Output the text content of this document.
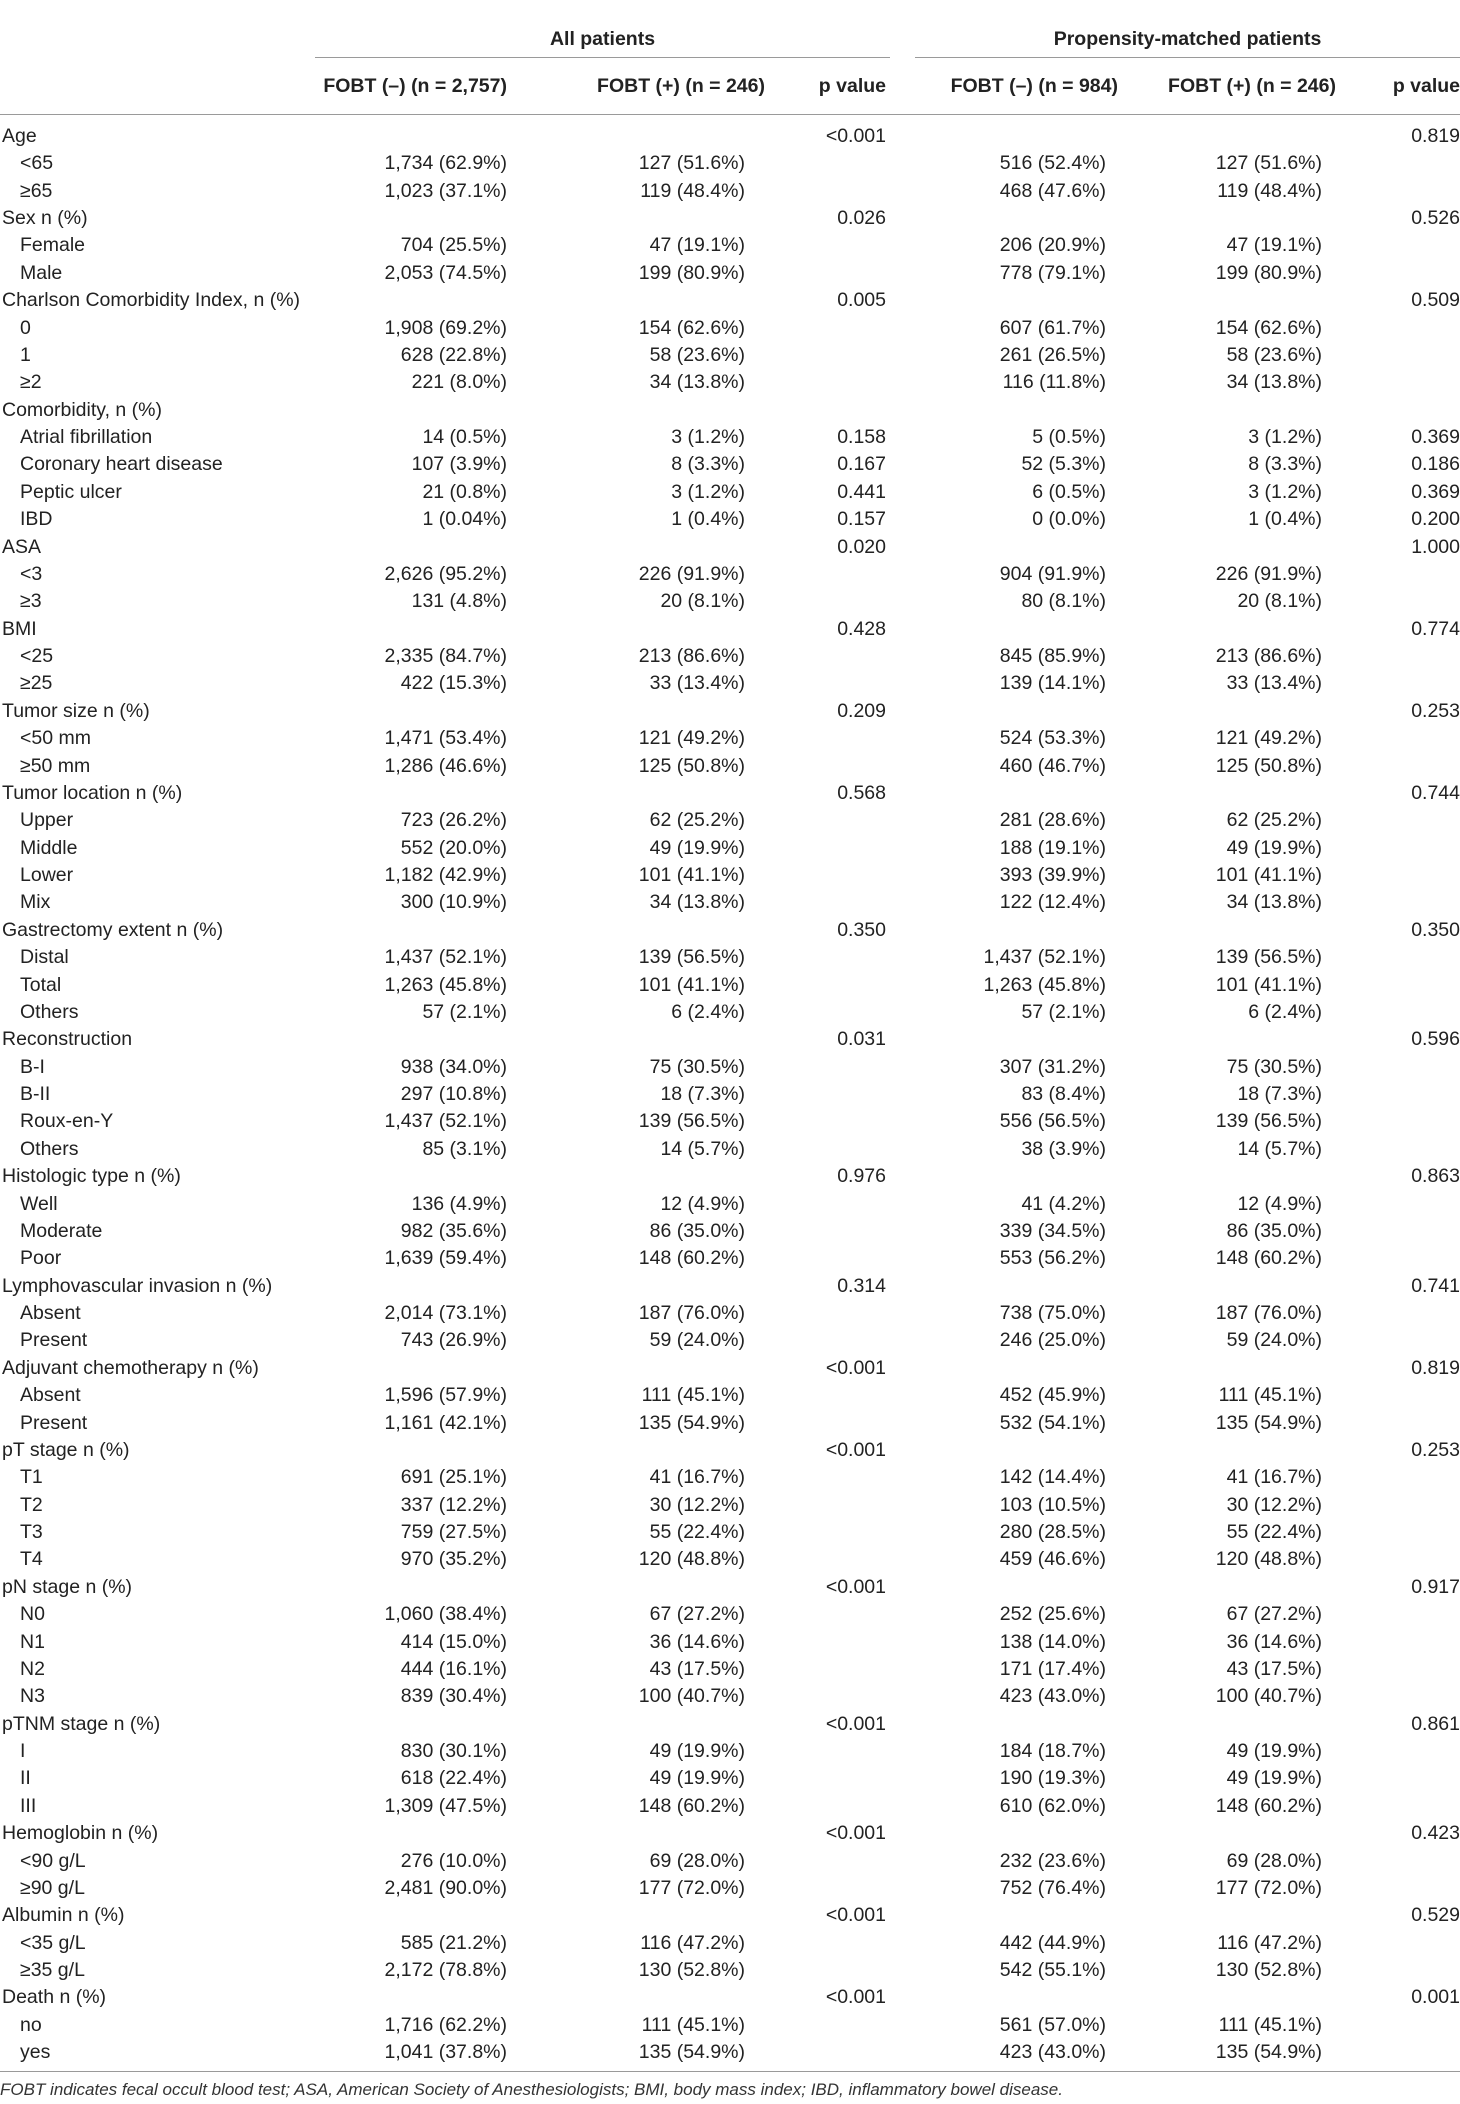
	All patients				Propensity-matched patients		
	FOBT (–) (n = 2,757)	FOBT (+) (n = 246)	p value		FOBT (–) (n = 984)	FOBT (+) (n = 246)	p value
Age			<0.001				0.819
<65	1,734 (62.9%)	127 (51.6%)			516 (52.4%)	127 (51.6%)	
≥65	1,023 (37.1%)	119 (48.4%)			468 (47.6%)	119 (48.4%)	
Sex n (%)			0.026				0.526
Female	704 (25.5%)	47 (19.1%)			206 (20.9%)	47 (19.1%)	
Male	2,053 (74.5%)	199 (80.9%)			778 (79.1%)	199 (80.9%)	
Charlson Comorbidity Index, n (%)			0.005				0.509
0	1,908 (69.2%)	154 (62.6%)			607 (61.7%)	154 (62.6%)	
1	628 (22.8%)	58 (23.6%)			261 (26.5%)	58 (23.6%)	
≥2	221 (8.0%)	34 (13.8%)			116 (11.8%)	34 (13.8%)	
Comorbidity, n (%)							
Atrial fibrillation	14 (0.5%)	3 (1.2%)	0.158		5 (0.5%)	3 (1.2%)	0.369
Coronary heart disease	107 (3.9%)	8 (3.3%)	0.167		52 (5.3%)	8 (3.3%)	0.186
Peptic ulcer	21 (0.8%)	3 (1.2%)	0.441		6 (0.5%)	3 (1.2%)	0.369
IBD	1 (0.04%)	1 (0.4%)	0.157		0 (0.0%)	1 (0.4%)	0.200
ASA			0.020				1.000
<3	2,626 (95.2%)	226 (91.9%)			904 (91.9%)	226 (91.9%)	
≥3	131 (4.8%)	20 (8.1%)			80 (8.1%)	20 (8.1%)	
BMI			0.428				0.774
<25	2,335 (84.7%)	213 (86.6%)			845 (85.9%)	213 (86.6%)	
≥25	422 (15.3%)	33 (13.4%)			139 (14.1%)	33 (13.4%)	
Tumor size n (%)			0.209				0.253
<50 mm	1,471 (53.4%)	121 (49.2%)			524 (53.3%)	121 (49.2%)	
≥50 mm	1,286 (46.6%)	125 (50.8%)			460 (46.7%)	125 (50.8%)	
Tumor location n (%)			0.568				0.744
Upper	723 (26.2%)	62 (25.2%)			281 (28.6%)	62 (25.2%)	
Middle	552 (20.0%)	49 (19.9%)			188 (19.1%)	49 (19.9%)	
Lower	1,182 (42.9%)	101 (41.1%)			393 (39.9%)	101 (41.1%)	
Mix	300 (10.9%)	34 (13.8%)			122 (12.4%)	34 (13.8%)	
Gastrectomy extent n (%)			0.350				0.350
Distal	1,437 (52.1%)	139 (56.5%)			1,437 (52.1%)	139 (56.5%)	
Total	1,263 (45.8%)	101 (41.1%)			1,263 (45.8%)	101 (41.1%)	
Others	57 (2.1%)	6 (2.4%)			57 (2.1%)	6 (2.4%)	
Reconstruction			0.031				0.596
B-I	938 (34.0%)	75 (30.5%)			307 (31.2%)	75 (30.5%)	
B-II	297 (10.8%)	18 (7.3%)			83 (8.4%)	18 (7.3%)	
Roux-en-Y	1,437 (52.1%)	139 (56.5%)			556 (56.5%)	139 (56.5%)	
Others	85 (3.1%)	14 (5.7%)			38 (3.9%)	14 (5.7%)	
Histologic type n (%)			0.976				0.863
Well	136 (4.9%)	12 (4.9%)			41 (4.2%)	12 (4.9%)	
Moderate	982 (35.6%)	86 (35.0%)			339 (34.5%)	86 (35.0%)	
Poor	1,639 (59.4%)	148 (60.2%)			553 (56.2%)	148 (60.2%)	
Lymphovascular invasion n (%)			0.314				0.741
Absent	2,014 (73.1%)	187 (76.0%)			738 (75.0%)	187 (76.0%)	
Present	743 (26.9%)	59 (24.0%)			246 (25.0%)	59 (24.0%)	
Adjuvant chemotherapy n (%)			<0.001				0.819
Absent	1,596 (57.9%)	111 (45.1%)			452 (45.9%)	111 (45.1%)	
Present	1,161 (42.1%)	135 (54.9%)			532 (54.1%)	135 (54.9%)	
pT stage n (%)			<0.001				0.253
T1	691 (25.1%)	41 (16.7%)			142 (14.4%)	41 (16.7%)	
T2	337 (12.2%)	30 (12.2%)			103 (10.5%)	30 (12.2%)	
T3	759 (27.5%)	55 (22.4%)			280 (28.5%)	55 (22.4%)	
T4	970 (35.2%)	120 (48.8%)			459 (46.6%)	120 (48.8%)	
pN stage n (%)			<0.001				0.917
N0	1,060 (38.4%)	67 (27.2%)			252 (25.6%)	67 (27.2%)	
N1	414 (15.0%)	36 (14.6%)			138 (14.0%)	36 (14.6%)	
N2	444 (16.1%)	43 (17.5%)			171 (17.4%)	43 (17.5%)	
N3	839 (30.4%)	100 (40.7%)			423 (43.0%)	100 (40.7%)	
pTNM stage n (%)			<0.001				0.861
I	830 (30.1%)	49 (19.9%)			184 (18.7%)	49 (19.9%)	
II	618 (22.4%)	49 (19.9%)			190 (19.3%)	49 (19.9%)	
III	1,309 (47.5%)	148 (60.2%)			610 (62.0%)	148 (60.2%)	
Hemoglobin n (%)			<0.001				0.423
<90 g/L	276 (10.0%)	69 (28.0%)			232 (23.6%)	69 (28.0%)	
≥90 g/L	2,481 (90.0%)	177 (72.0%)			752 (76.4%)	177 (72.0%)	
Albumin n (%)			<0.001				0.529
<35 g/L	585 (21.2%)	116 (47.2%)			442 (44.9%)	116 (47.2%)	
≥35 g/L	2,172 (78.8%)	130 (52.8%)			542 (55.1%)	130 (52.8%)	
Death n (%)			<0.001				0.001
no	1,716 (62.2%)	111 (45.1%)			561 (57.0%)	111 (45.1%)	
yes	1,041 (37.8%)	135 (54.9%)			423 (43.0%)	135 (54.9%)	
FOBT indicates fecal occult blood test; ASA, American Society of Anesthesiologists; BMI, body mass index; IBD, inflammatory bowel disease.
